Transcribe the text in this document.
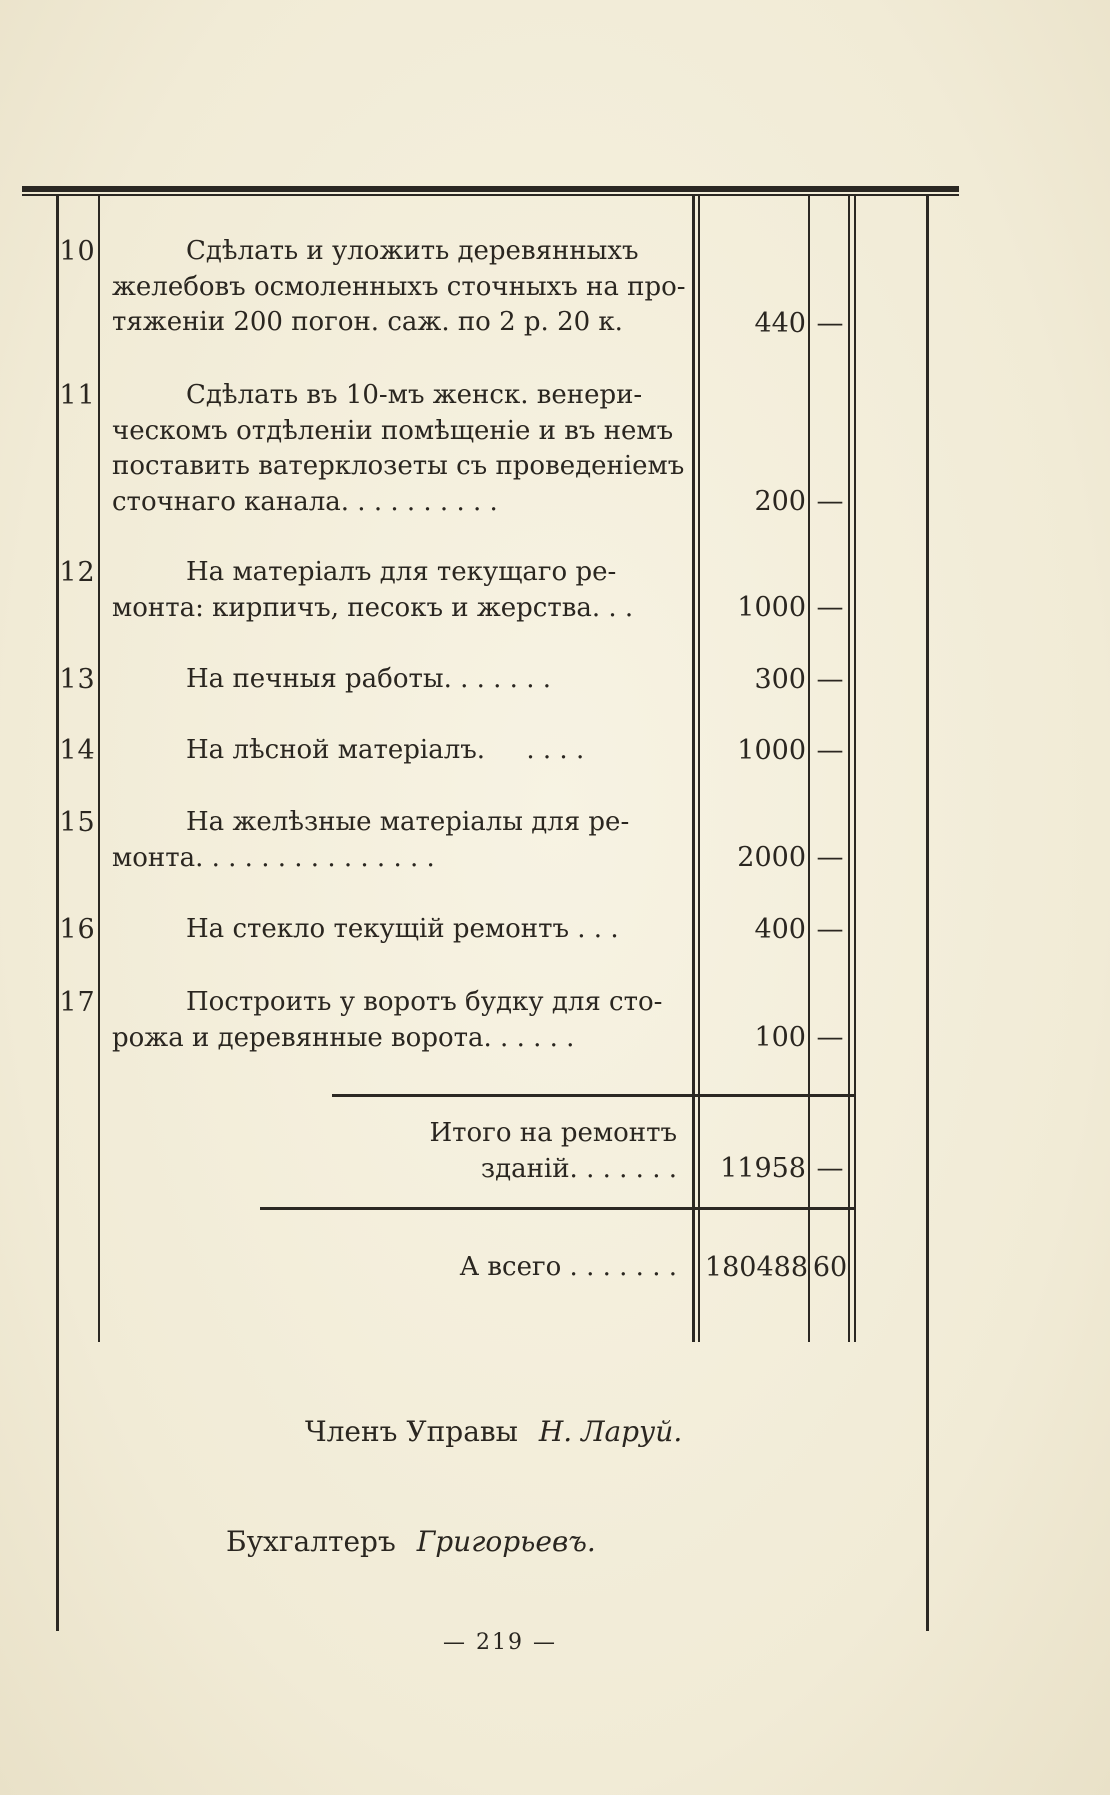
10	Сдѣлать и уложить деревянныхъ
желебовъ осмоленныхъ сточныхъ на про-
тяженіи 200 погон. саж. по 2 р. 20 к.	440 —
11	Сдѣлать въ 10-мъ женск. венери-
ческомъ отдѣленіи помѣщеніе и въ немъ
поставить ватерклозеты съ проведеніемъ
сточнаго канала. . . . . . . . . .	200 —
12	На матеріалъ для текущаго ре-
монта: кирпичъ, песокъ и жерства. . .	1000 —
13	На печныя работы. . . . . . .	300 —
14	На лѣсной матеріалъ.     . . . .	1000 —
15	На желѣзные матеріалы для ре-
монта. . . . . . . . . . . . . . .	2000 —
16	На стекло текущій ремонтъ . . .	400 —
17	Построить у воротъ будку для сто-
рожа и деревянные ворота. . . . . .	100 —
Итого на ремонтъ
зданій. . . . . . .	11958 —
А всего . . . . . . . 180488 60
Членъ Управы Н. Ларуй.
Бухгалтеръ Григорьевъ.
— 219 —
